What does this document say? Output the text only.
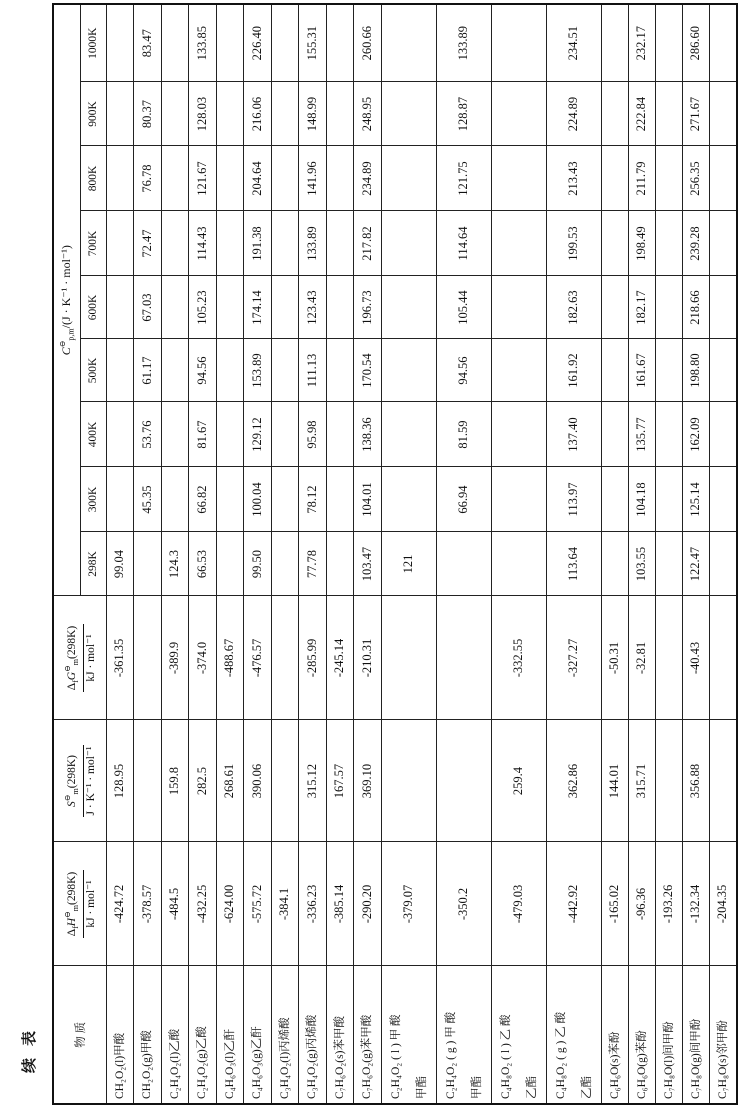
续表	物 质	$\Delta_fH^⊖_m(298K)$ kJ · mol⁻¹	$S^⊖_m(298K) J \cdot K^{-1} \cdot mol^{-1}$	$\Delta_fG^⊖_m(298K)$ kJ · mol⁻¹	$C^⊖_{p,m}/(J \cdot K^{-1} \cdot mol^{-1})$								
				298K	300K	400K	500K	600K	700K	800K	900K	1000K
CH₂O₂(l)甲酸	-424.72	128.95	-361.35	99.04								
CH₂O₂(g)甲酸	-378.57				45.35	53.76	61.17	67.03	72.47	76.78	80.37	83.47
C₂H₄O₂(l)乙酸	-484.5	159.8	-389.9	124.3								
C₂H₄O₂(g)乙酸	-432.25	282.5	-374.0	66.53	66.82	81.67	94.56	105.23	114.43	121.67	128.03	133.85
C₄H₆O₃(l)乙酐	-624.00	268.61	-488.67									
C₄H₆O₃(g)乙酐	-575.72	390.06	-476.57	99.50	100.04	129.12	153.89	174.14	191.38	204.64	216.06	226.40
C₃H₄O₂(l)丙烯酸	-384.1											
C₃H₄O₂(g)丙烯酸	-336.23	315.12	-285.99	77.78	78.12	95.98	111.13	123.43	133.89	141.96	148.99	155.31
C₇H₆O₂(s)苯甲酸	-385.14	167.57	-245.14									
C₇H₆O₂(g)苯甲酸	-290.20	369.10	-210.31	103.47	104.01	138.36	170.54	196.73	217.82	234.89	248.95	260.66
C₂H₄O₂ ( l ) 甲 酸
甲酯	-379.07			121								
C₂H₄O₂ ( g ) 甲 酸
甲酯	-350.2				66.94	81.59	94.56	105.44	114.64	121.75	128.87	133.89
C₄H₈O₂ ( l ) 乙 酸
乙酯	-479.03	259.4	-332.55									
C₄H₈O₂ ( g ) 乙 酸
乙酯	-442.92	362.86	-327.27	113.64	113.97	137.40	161.92	182.63	199.53	213.43	224.89	234.51
C₆H₆O(s)苯酚	-165.02	144.01	-50.31									
C₆H₆O(g)苯酚	-96.36	315.71	-32.81	103.55	104.18	135.77	161.67	182.17	198.49	211.79	222.84	232.17
C₇H₈O(l)间甲酚	-193.26											
C₇H₈O(g)间甲酚	-132.34	356.88	-40.43	122.47	125.14	162.09	198.80	218.66	239.28	256.35	271.67	286.60
C₇H₈O(s)邻甲酚	-204.35											
